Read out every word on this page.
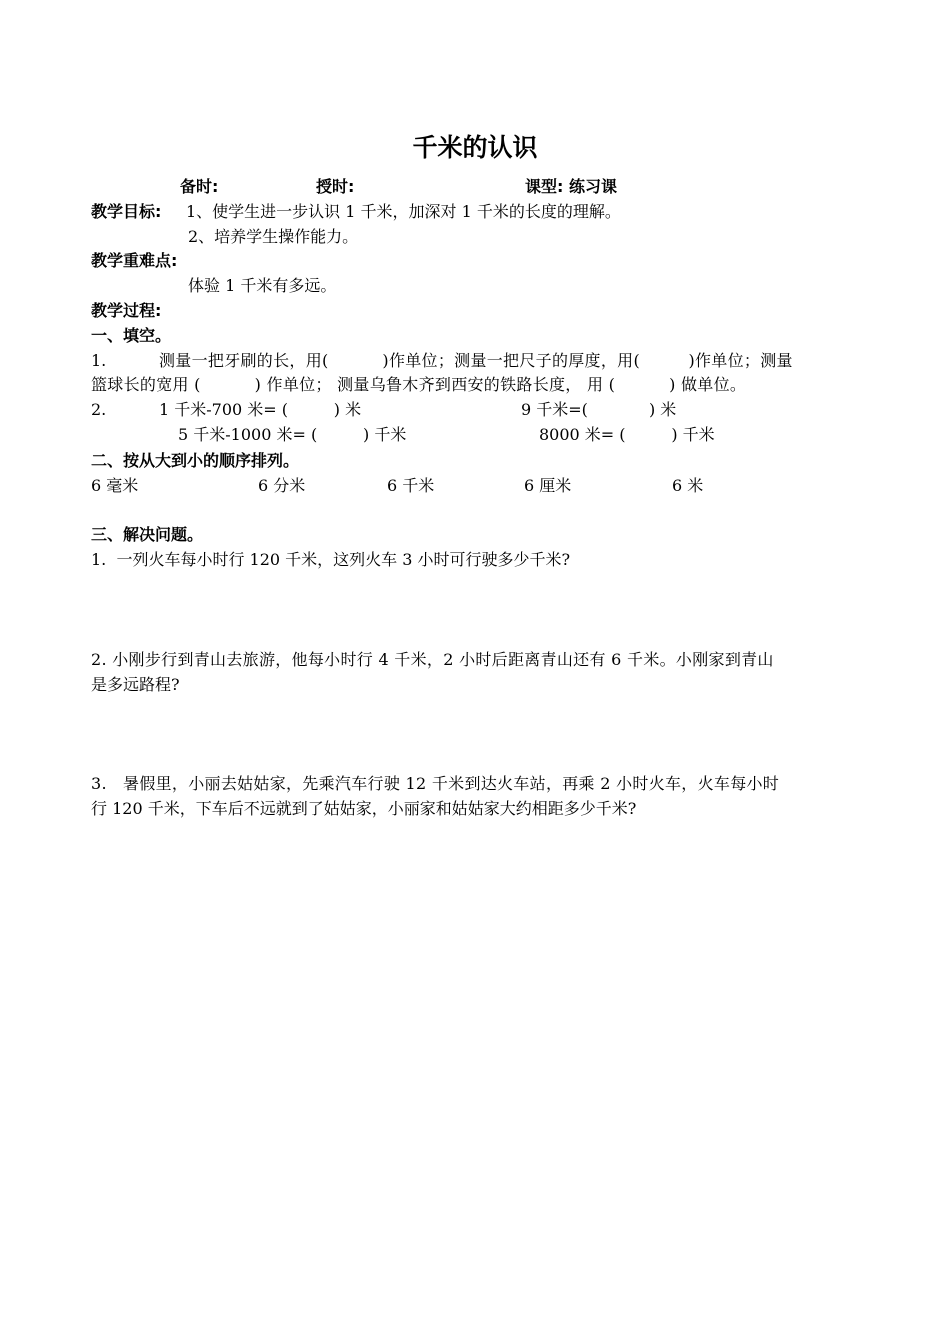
千米的认识
备时:	授时:	课型: 练习课
教学目标: 1、使学生进一步认识 1 千米，加深对 1 千米的长度的理解。
2、培养学生操作能力。
教学重难点:
体验 1 千米有多远。
教学过程:
一、填空。
1.	测量一把牙刷的长，用(          )作单位；测量一把尺子的厚度，用(         )作单位；测量
篮球长的宽用 (          ) 作单位； 测量乌鲁木齐到西安的铁路长度， 用 (          ) 做单位。
2.	1 千米-700 米= (         ) 米	9 千米=(            ) 米
5 千米-1000 米= (         ) 千米	8000 米= (         ) 千米
二、按从大到小的顺序排列。
6 毫米	6 分米	6 千米	6 厘米	6 米
三、解决问题。
1.  一列火车每小时行 120 千米，这列火车 3 小时可行驶多少千米?
2. 小刚步行到青山去旅游，他每小时行 4 千米，2 小时后距离青山还有 6 千米。小刚家到青山
是多远路程?
3.   暑假里，小丽去姑姑家，先乘汽车行驶 12 千米到达火车站，再乘 2 小时火车，火车每小时
行 120 千米，下车后不远就到了姑姑家，小丽家和姑姑家大约相距多少千米?
